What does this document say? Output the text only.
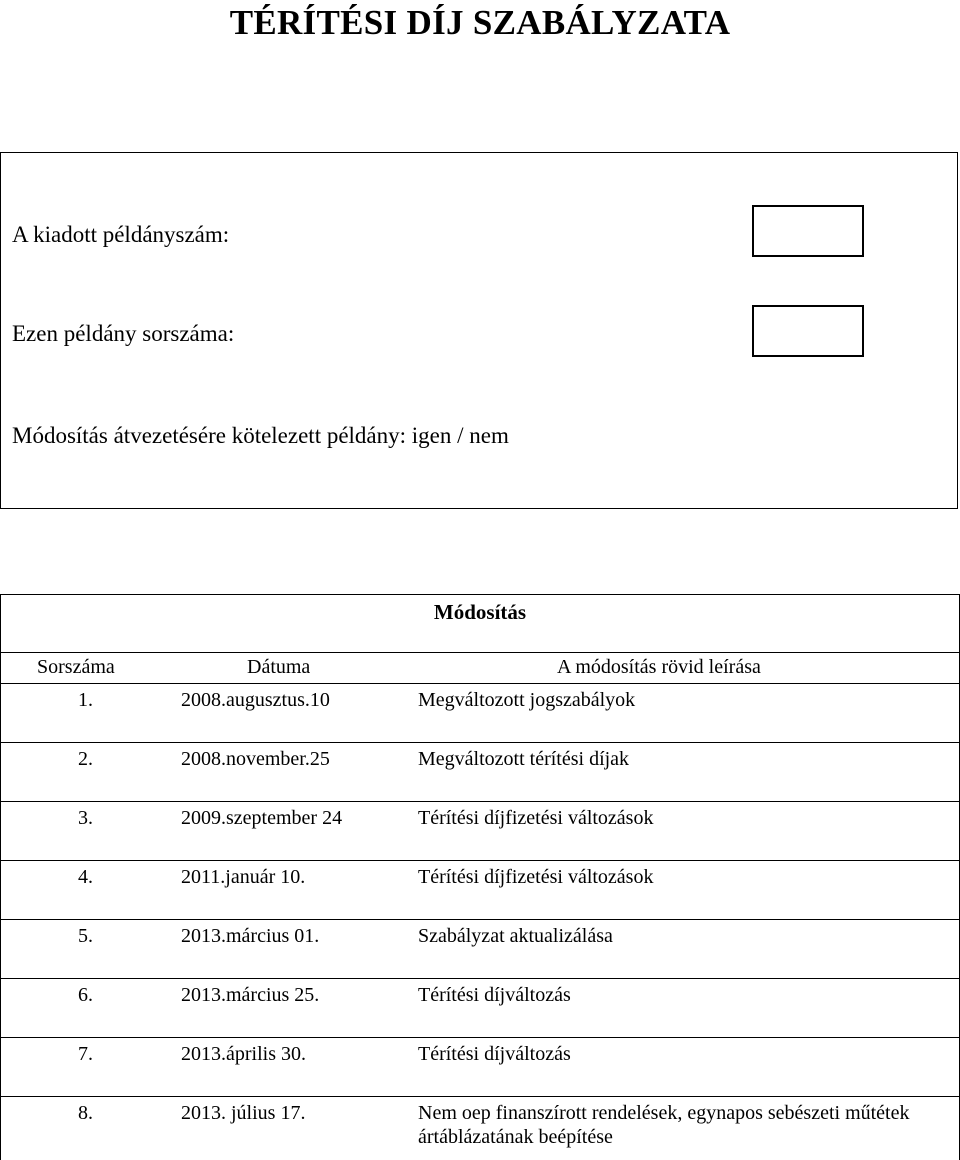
TÉRÍTÉSI DÍJ SZABÁLYZATA
A kiadott példányszám:
Ezen példány sorszáma:
Módosítás átvezetésére kötelezett példány: igen / nem
Módosítás
Sorszáma	Dátuma	A módosítás rövid leírása
1.	2008.augusztus.10	Megváltozott jogszabályok
2.	2008.november.25	Megváltozott térítési díjak
3.	2009.szeptember 24	Térítési díjfizetési változások
4.	2011.január 10.	Térítési díjfizetési változások
5.	2013.március 01.	Szabályzat aktualizálása
6.	2013.március 25.	Térítési díjváltozás
7.	2013.április 30.	Térítési díjváltozás
8.	2013. július 17.	Nem oep finanszírott rendelések, egynapos sebészeti műtétek ártáblázatának beépítése
